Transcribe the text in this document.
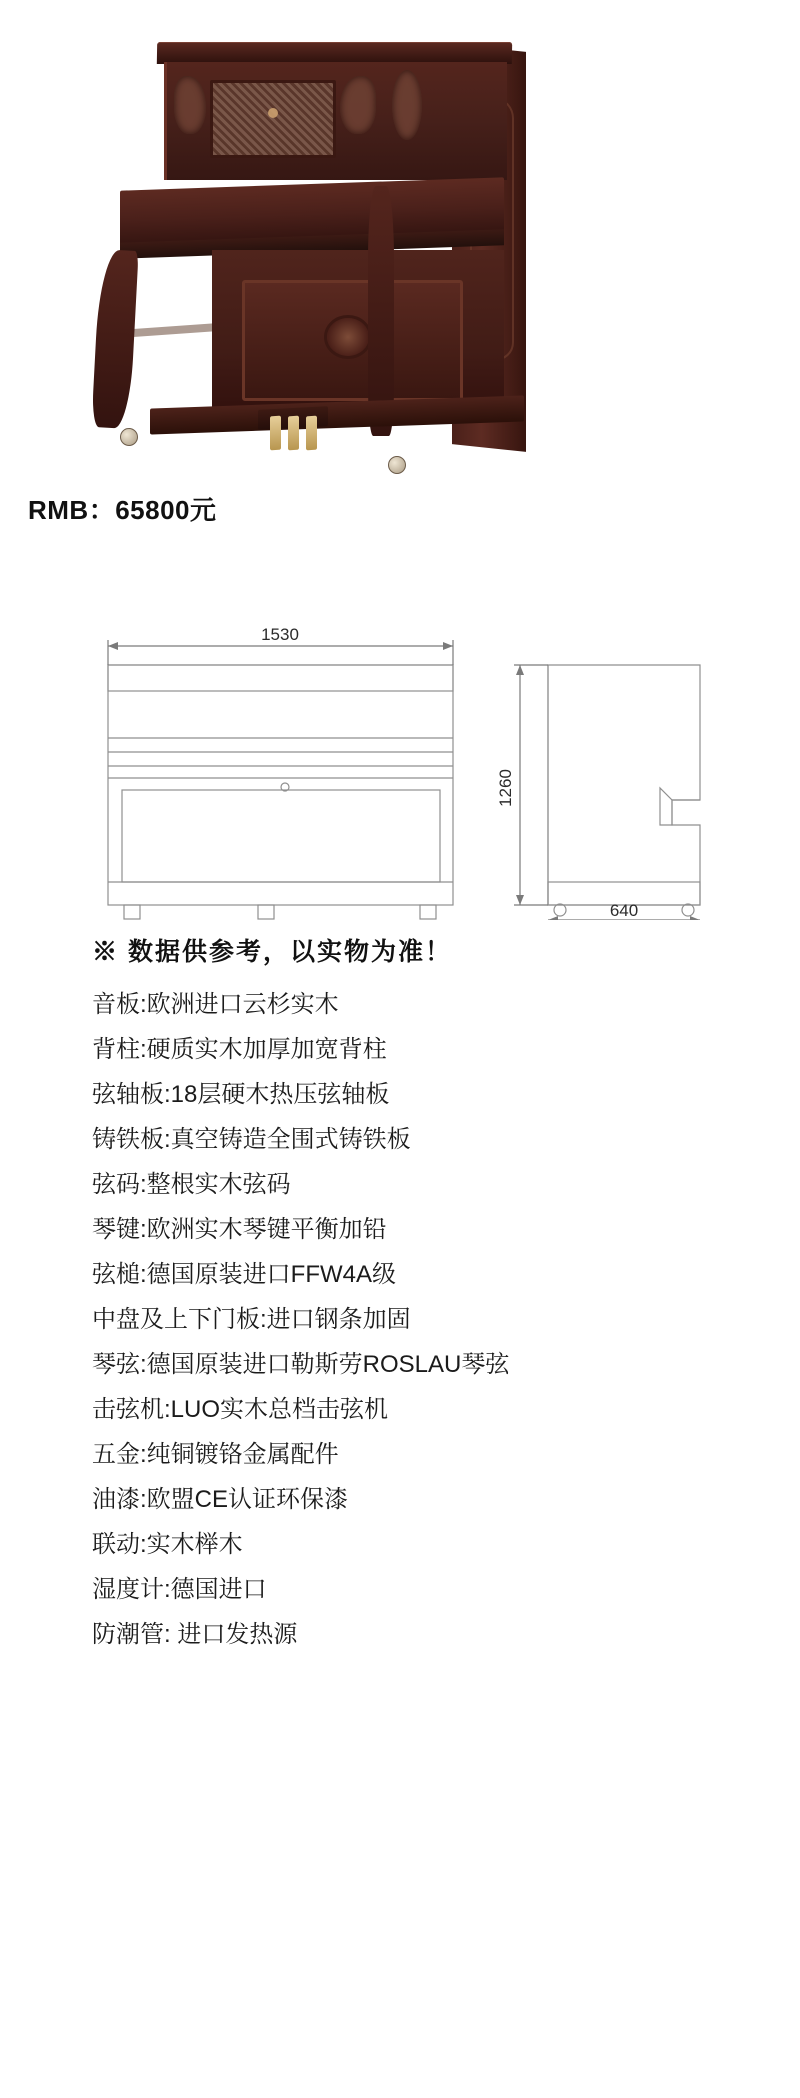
RMB：65800元
1530
1260
640
※ 数据供参考，以实物为准！
音板:欧洲进口云杉实木
背柱:硬质实木加厚加宽背柱
弦轴板:18层硬木热压弦轴板
铸铁板:真空铸造全围式铸铁板
弦码:整根实木弦码
琴键:欧洲实木琴键平衡加铅
弦槌:德国原装进口FFW4A级
中盘及上下门板:进口钢条加固
琴弦:德国原装进口勒斯劳ROSLAU琴弦
击弦机:LUO实木总档击弦机
五金:纯铜镀铬金属配件
油漆:欧盟CE认证环保漆
联动:实木榉木
湿度计:德国进口
防潮管: 进口发热源
